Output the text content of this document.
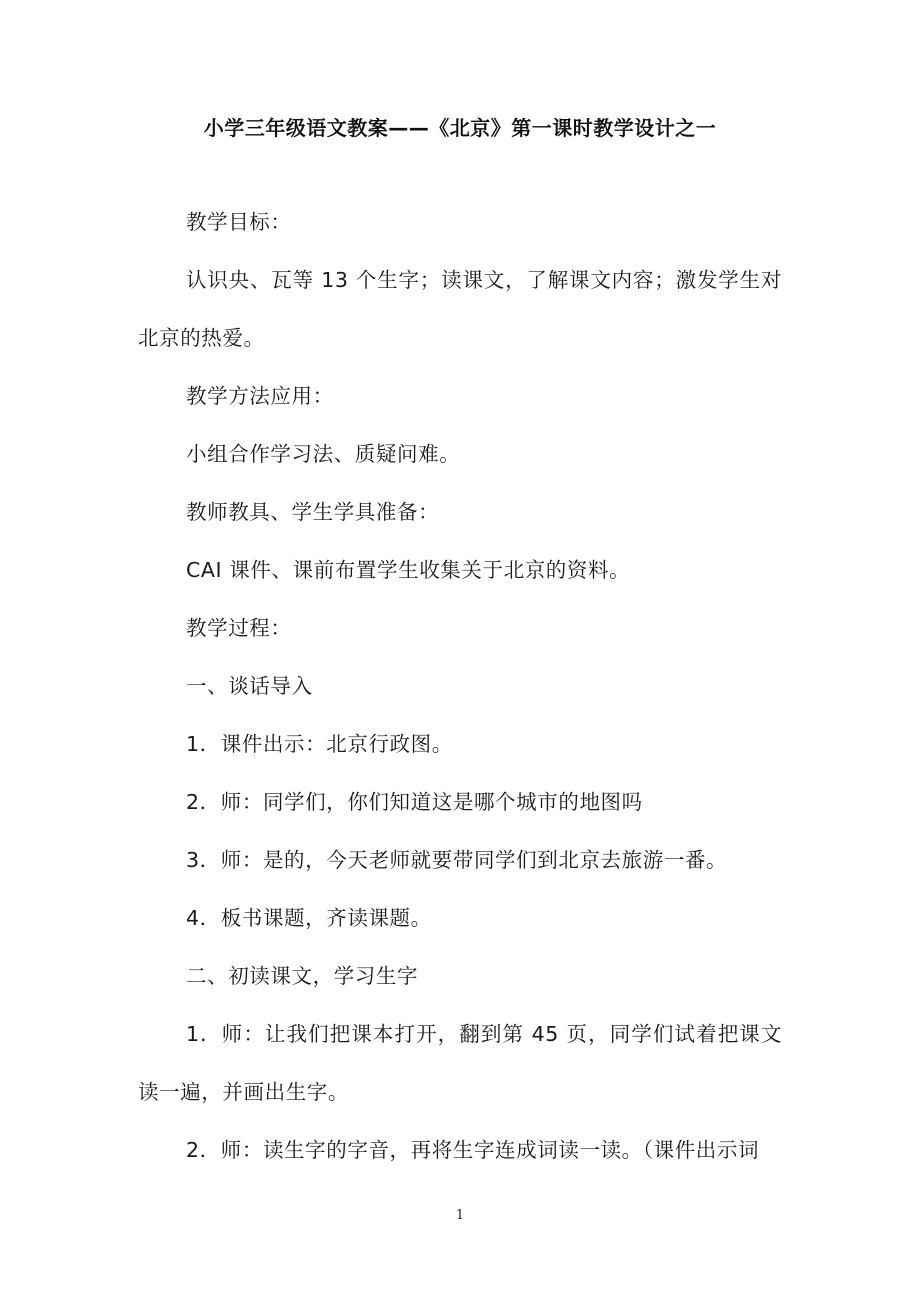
小学三年级语文教案——《北京》第一课时教学设计之一

教学目标：

认识央、瓦等 13 个生字；读课文，了解课文内容；激发学生对北京的热爱。

教学方法应用：

小组合作学习法、质疑问难。

教师教具、学生学具准备：

CAI 课件、课前布置学生收集关于北京的资料。

教学过程：

一、谈话导入

1．课件出示：北京行政图。

2．师：同学们，你们知道这是哪个城市的地图吗

3．师：是的，今天老师就要带同学们到北京去旅游一番。

4．板书课题，齐读课题。

二、初读课文，学习生字

1．师：让我们把课本打开，翻到第 45 页，同学们试着把课文读一遍，并画出生字。

2．师：读生字的字音，再将生字连成词读一读。（课件出示词

1
